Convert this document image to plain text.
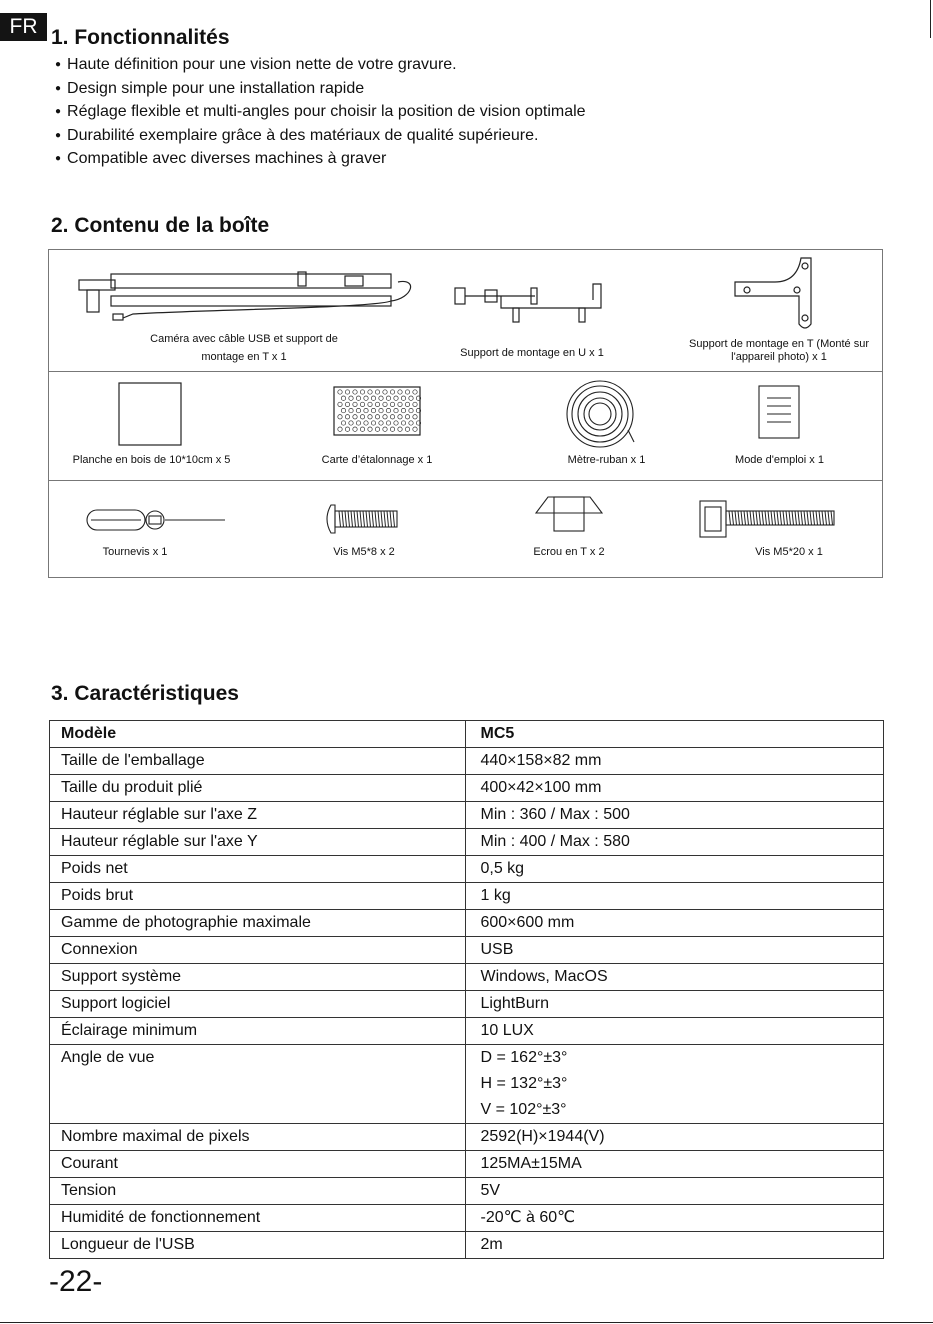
FR 1. Fonctionnalités
● Haute définition pour une vision nette de votre gravure.
● Design simple pour une installation rapide
● Réglage flexible et multi-angles pour choisir la position de vision optimale
● Durabilité exemplaire grâce à des matériaux de qualité supérieure.
● Compatible avec diverses machines à graver
2. Contenu de la boîte
Caméra avec câble USB et support de
montage en T x 1	Support de montage en U x 1
Support de montage en T (Monté sur
l'appareil photo) x 1
Planche en bois de 10*10cm x 5	Carte d’étalonnage x 1	Mètre-ruban x 1	Mode d'emploi x 1
Tournevis x 1	Vis M5*8 x 2	Ecrou en T x 2	Vis M5*20 x 1
3. Caractéristiques
Modèle	MC5
Taille de l'emballage	440×158×82 mm
Taille du produit plié	400×42×100 mm
Hauteur réglable sur l'axe Z	Min : 360 / Max : 500
Hauteur réglable sur l'axe Y	Min : 400 / Max : 580
Poids net	0,5 kg
Poids brut	1 kg
Gamme de photographie maximale	600×600 mm
Connexion	USB
Support système	Windows, MacOS
Support logiciel	LightBurn
Éclairage minimum	10 LUX
Angle de vue	D = 162°±3°
H = 132°±3°
V = 102°±3°

Nombre maximal de pixels	2592(H)×1944(V)
Courant	125MA±15MA
Tension	5V
Humidité de fonctionnement	-20℃ à 60℃
Longueur de l'USB	2m
-22-
